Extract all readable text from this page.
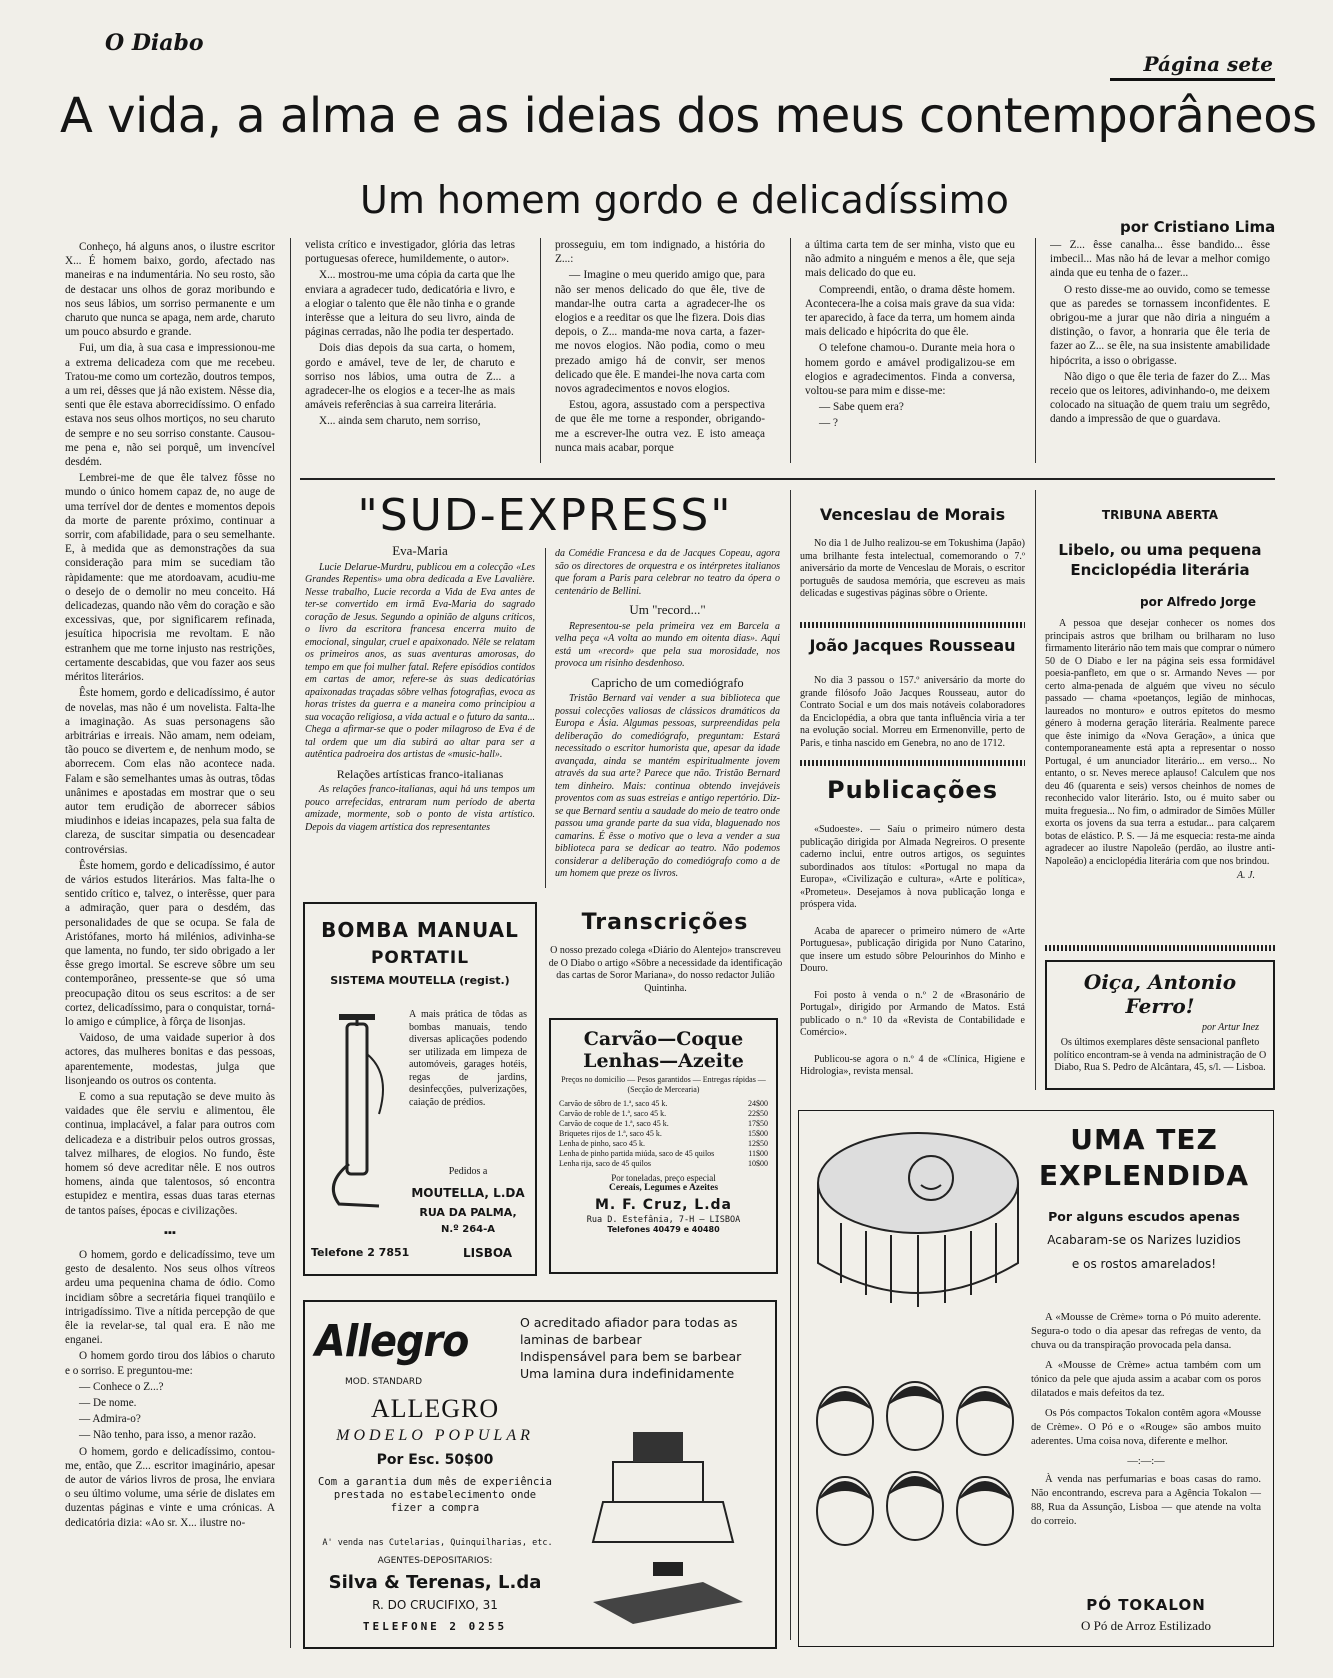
O Diabo
Página sete
A vida, a alma e as ideias dos meus contemporâneos
Um homem gordo e delicadíssimo
por Cristiano Lima

Conheço, há alguns anos, o ilustre escritor X... É homem baixo, gordo, afectado nas maneiras e na indumentária. No seu rosto, são de destacar uns olhos de goraz moribundo e nos seus lábios, um sorriso permanente e um charuto que nunca se apaga, nem arde, charuto um pouco absurdo e grande.

Fui, um dia, à sua casa e impressionou-me a extrema delicadeza com que me recebeu. Tratou-me como um cortezão, doutros tempos, a um rei, dêsses que já não existem. Nêsse dia, senti que êle estava aborrecidíssimo. O enfado estava nos seus olhos mortiços, no seu charuto de sempre e no seu sorriso constante. Causou-me pena e, não sei porquê, um invencível desdém.

Lembrei-me de que êle talvez fôsse no mundo o único homem capaz de, no auge de uma terrível dor de dentes e momentos depois da morte de parente próximo, continuar a sorrir, com afabilidade, para o seu semelhante. E, à medida que as demonstrações da sua consideração para mim se sucediam tão ràpidamente: que me atordoavam, acudiu-me o desejo de o demolir no meu conceito. Há delicadezas, quando não vêm do coração e são excessivas, que, por significarem refinada, jesuítica hipocrisia me revoltam. E não estranhem que me torne injusto nas restrições, certamente descabidas, que vou fazer aos seus méritos literários.

Êste homem, gordo e delicadíssimo, é autor de novelas, mas não é um novelista. Falta-lhe a imaginação. As suas personagens são arbitrárias e irreais. Não amam, nem odeiam, tão pouco se divertem e, de nenhum modo, se aborrecem. Com elas não acontece nada. Falam e são semelhantes umas às outras, tôdas unânimes e apostadas em mostrar que o seu autor tem erudição de aborrecer sábios miudinhos e ideias incapazes, pela sua falta de clareza, de suscitar simpatia ou desencadear controvérsias.

Êste homem, gordo e delicadíssimo, é autor de vários estudos literários. Mas falta-lhe o sentido crítico e, talvez, o interêsse, quer para a admiração, quer para o desdém, das personalidades de que se ocupa. Se fala de Aristófanes, morto há milénios, adivinha-se que lamenta, no fundo, ter sido obrigado a ler êsse grego imortal. Se escreve sôbre um seu contemporâneo, pressente-se que só uma preocupação ditou os seus escritos: a de ser cortez, delicadíssimo, para o conquistar, torná-lo amigo e cúmplice, à fôrça de lisonjas.

Vaidoso, de uma vaidade superior à dos actores, das mulheres bonitas e das pessoas, aparentemente, modestas, julga que lisonjeando os outros os contenta.

E como a sua reputação se deve muito às vaidades que êle serviu e alimentou, êle continua, implacável, a falar para outros com delicadeza e a distribuir pelos outros grossas, talvez milhares, de elogios. No fundo, êste homem só deve acreditar nêle. E nos outros homens, ainda que talentosos, só encontra estupidez e mentira, essas duas taras eternas de tantos países, épocas e civilizações.

▪▪▪

O homem, gordo e delicadíssimo, teve um gesto de desalento. Nos seus olhos vítreos ardeu uma pequenina chama de ódio. Como incidiam sôbre a secretária fiquei tranqüilo e intrigadíssimo. Tive a nítida percepção de que êle ia revelar-se, tal qual era. E não me enganei.

O homem gordo tirou dos lábios o charuto e o sorriso. E preguntou-me:

— Conhece o Z...?

— De nome.

— Admira-o?

— Não tenho, para isso, a menor razão.

O homem, gordo e delicadíssimo, contou-me, então, que Z... escritor imaginário, apesar de autor de vários livros de prosa, lhe enviara o seu último volume, uma série de dislates em duzentas páginas e vinte e uma crónicas. A dedicatória dizia: «Ao sr. X... ilustre no-

velista crítico e investigador, glória das letras portuguesas oferece, humildemente, o autor».

X... mostrou-me uma cópia da carta que lhe enviara a agradecer tudo, dedicatória e livro, e a elogiar o talento que êle não tinha e o grande interêsse que a leitura do seu livro, ainda de páginas cerradas, não lhe podia ter despertado.

Dois dias depois da sua carta, o homem, gordo e amável, teve de ler, de charuto e sorriso nos lábios, uma outra de Z... a agradecer-lhe os elogios e a tecer-lhe as mais amáveis referências à sua carreira literária.

X... ainda sem charuto, nem sorriso,

prosseguiu, em tom indignado, a história do Z...:

— Imagine o meu querido amigo que, para não ser menos delicado do que êle, tive de mandar-lhe outra carta a agradecer-lhe os elogios e a reeditar os que lhe fizera. Dois dias depois, o Z... manda-me nova carta, a fazer-me novos elogios. Não podia, como o meu prezado amigo há de convir, ser menos delicado que êle. E mandei-lhe nova carta com novos agradecimentos e novos elogios.

Estou, agora, assustado com a perspectiva de que êle me torne a responder, obrigando-me a escrever-lhe outra vez. E isto ameaça nunca mais acabar, porque

a última carta tem de ser minha, visto que eu não admito a ninguém e menos a êle, que seja mais delicado do que eu.

Compreendi, então, o drama dêste homem. Acontecera-lhe a coisa mais grave da sua vida: ter aparecido, à face da terra, um homem ainda mais delicado e hipócrita do que êle.

O telefone chamou-o. Durante meia hora o homem gordo e amável prodigalizou-se em elogios e agradecimentos. Finda a conversa, voltou-se para mim e disse-me:

— Sabe quem era?

— ?

— Z... êsse canalha... êsse bandido... êsse imbecil... Mas não há de levar a melhor comigo ainda que eu tenha de o fazer...

O resto disse-me ao ouvido, como se temesse que as paredes se tornassem inconfidentes. E obrigou-me a jurar que não diria a ninguém a distinção, o favor, a honraria que êle teria de fazer ao Z... se êle, na sua insistente amabilidade hipócrita, a isso o obrigasse.

Não digo o que êle teria de fazer do Z... Mas receio que os leitores, adivinhando-o, me deixem colocado na situação de quem traiu um segrêdo, dando a impressão de que o guardava.

"SUD-EXPRESS"
Eva-Maria

Lucie Delarue-Murdru, publicou em a colecção «Les Grandes Repentis» uma obra dedicada a Eve Lavalière. Nesse trabalho, Lucie recorda a Vida de Eva antes de ter-se convertido em irmã Eva-Maria do sagrado coração de Jesus. Segundo a opinião de alguns críticos, o livro da escritora francesa encerra muito de emocional, singular, cruel e apaixonado. Nêle se relatam os primeiros anos, as suas aventuras amorosas, do tempo em que foi mulher fatal. Refere episódios contidos em cartas de amor, refere-se às suas dedicatórias apaixonadas traçadas sôbre velhas fotografias, evoca as horas tristes da guerra e a maneira como principiou a sua vocação religiosa, a vida actual e o futuro da santa... Chega a afirmar-se que o poder milagroso de Eva é de tal ordem que um dia subirá ao altar para ser a autêntica padroeira dos artistas de «music-hall».

Relações artísticas franco-italianas

As relações franco-italianas, aqui há uns tempos um pouco arrefecidas, entraram num período de aberta amizade, mormente, sob o ponto de vista artístico. Depois da viagem artística dos representantes

da Comédie Francesa e da de Jacques Copeau, agora são os directores de orquestra e os intérpretes italianos que foram a Paris para celebrar no teatro da ópera o centenário de Bellini.

Um "record..."

Representou-se pela primeira vez em Barcela a velha peça «A volta ao mundo em oitenta dias». Aqui está um «record» que pela sua morosidade, nos provoca um risinho desdenhoso.

Capricho de um comediógrafo

Tristão Bernard vai vender a sua biblioteca que possui colecções valiosas de clássicos dramáticos da Europa e Ásia. Algumas pessoas, surpreendidas pela deliberação do comediógrafo, preguntam: Estará necessitado o escritor humorista que, apesar da idade avançada, ainda se mantém espiritualmente jovem através da sua arte? Parece que não. Tristão Bernard tem dinheiro. Mais: continua obtendo invejáveis proventos com as suas estreias e antigo repertório. Diz-se que Bernard sentiu a saudade do meio de teatro onde passou uma grande parte da sua vida, blaguenado nos camarins. É êsse o motivo que o leva a vender a sua biblioteca para se dedicar ao teatro. Não podemos considerar a deliberação do comediógrafo como a de um homem que preze os livros.

Venceslau de Morais

No dia 1 de Julho realizou-se em Tokushima (Japão) uma brilhante festa intelectual, comemorando o 7.º aniversário da morte de Venceslau de Morais, o escritor português de saudosa memória, que escreveu as mais delicadas e sugestivas páginas sôbre o Oriente.

João Jacques Rousseau

No dia 3 passou o 157.º aniversário da morte do grande filósofo João Jacques Rousseau, autor do Contrato Social e um dos mais notáveis colaboradores da Enciclopédia, a obra que tanta influência viria a ter na evolução social. Morreu em Ermenonville, perto de Paris, e tinha nascido em Genebra, no ano de 1712.

Publicações

«Sudoeste». — Saíu o primeiro número desta publicação dirigida por Almada Negreiros. O presente caderno inclui, entre outros artigos, os seguintes subordinados aos títulos: «Portugal no mapa da Europa», «Civilização e cultura», «Arte e política», «Prometeu». Desejamos à nova publicação longa e próspera vida.

Acaba de aparecer o primeiro número de «Arte Portuguesa», publicação dirigida por Nuno Catarino, que insere um estudo sôbre Pelourinhos do Minho e Douro.

Foi posto à venda o n.º 2 de «Brasonário de Portugal», dirigido por Armando de Matos. Está publicado o n.º 10 da «Revista de Contabilidade e Comércio».

Publicou-se agora o n.º 4 de «Clínica, Higiene e Hidrologia», revista mensal.

TRIBUNA ABERTA
Libelo, ou uma pequena Enciclopédia literária
por Alfredo Jorge

A pessoa que desejar conhecer os nomes dos principais astros que brilham ou brilharam no luso firmamento literário não tem mais que comprar o número 50 de O Diabo e ler na página seis essa formidável poesia-panfleto, em que o sr. Armando Neves — por certo alma-penada de alguém que viveu no século passado — chama «poetanços, legião de minhocas, laureados no monturo» e outros epítetos do mesmo género à moderna geração literária. Realmente parece que êste inimigo da «Nova Geração», a única que contemporaneamente está apta a representar o nosso Portugal, é um anunciador literário... em verso... No entanto, o sr. Neves merece aplauso! Calculem que nos deu 46 (quarenta e seis) versos cheinhos de nomes de reconhecido valor literário. Isto, ou é muito saber ou muita freguesia... No fim, o admirador de Simões Müller exorta os jovens da sua terra a estudar... para calçarem botas de elástico. P. S. — Já me esquecia: resta-me ainda agradecer ao ilustre Napoleão (perdão, ao ilustre anti-Napoleão) a enciclopédia literária com que nos brindou.

A. J.
Oiça, Antonio Ferro!
por Artur Inez
Os últimos exemplares dêste sensacional panfleto político encontram-se à venda na administração de O Diabo, Rua S. Pedro de Alcântara, 45, s/l. — Lisboa.
BOMBA MANUAL
PORTATIL
SISTEMA MOUTELLA (regist.)
A mais prática de tôdas as bombas manuais, tendo diversas aplicações podendo ser utilizada em limpeza de automóveis, garages hotéis, regas de jardins, desinfecções, pulverizações, caiação de prédios.
Pedidos a
MOUTELLA, L.DA
RUA DA PALMA,
N.º 264-A
Telefone 2 7851	LISBOA
Transcrições
O nosso prezado colega «Diário do Alentejo» transcreveu de O Diabo o artigo «Sôbre a necessidade da identificação das cartas de Soror Mariana», do nosso redactor Julião Quintinha.
Carvão—Coque
Lenhas—Azeite
Preços no domicilio — Pesos garantidos — Entregas rápidas — (Secção de Mercearia)
Carvão de sôbro de 1.ª, saco 45 k.	24$00
Carvão de roble de 1.ª, saco 45 k.	22$50
Carvão de coque de 1.ª, saco 45 k.	17$50
Briquetes rijos de 1.ª, saco 45 k.	15$00
Lenha de pinho, saco 45 k.	12$50
Lenha de pinho partida miúda, saco de 45 quilos	11$00
Lenha rija, saco de 45 quilos	10$00
Por toneladas, preço especial
Cereais, Legumes e Azeites
M. F. Cruz, L.da
Rua D. Estefânia, 7-H — LISBOA
Telefones 40479 e 40480
Allegro
MOD. STANDARD
O acreditado afiador para todas as laminas de barbear
Indispensável para bem se barbear
Uma lamina dura indefinidamente
ALLEGRO
MODELO POPULAR
Por Esc. 50$00
Com a garantia dum mês de experiência prestada no estabelecimento onde fizer a compra
A' venda nas Cutelarias, Quinquilharias, etc.
AGENTES-DEPOSITARIOS:
Silva & Terenas, L.da
R. DO CRUCIFIXO, 31
TELEFONE 2 0255
UMA TEZ
EXPLENDIDA
Por alguns escudos apenas
Acabaram-se os Narizes luzidios
e os rostos amarelados!

A «Mousse de Crème» torna o Pó muito aderente. Segura-o todo o dia apesar das refregas de vento, da chuva ou da transpiração provocada pela dansa.

A «Mousse de Crème» actua também com um tónico da pele que ajuda assim a acabar com os poros dilatados e mais defeitos da tez.

Os Pós compactos Tokalon contêm agora «Mousse de Crème». O Pó e o «Rouge» são ambos muito aderentes. Uma coisa nova, diferente e melhor.

—:—:—

À venda nas perfumarias e boas casas do ramo. Não encontrando, escreva para a Agência Tokalon — 88, Rua da Assunção, Lisboa — que atende na volta do correio.

PÓ TOKALON
O Pó de Arroz Estilizado
